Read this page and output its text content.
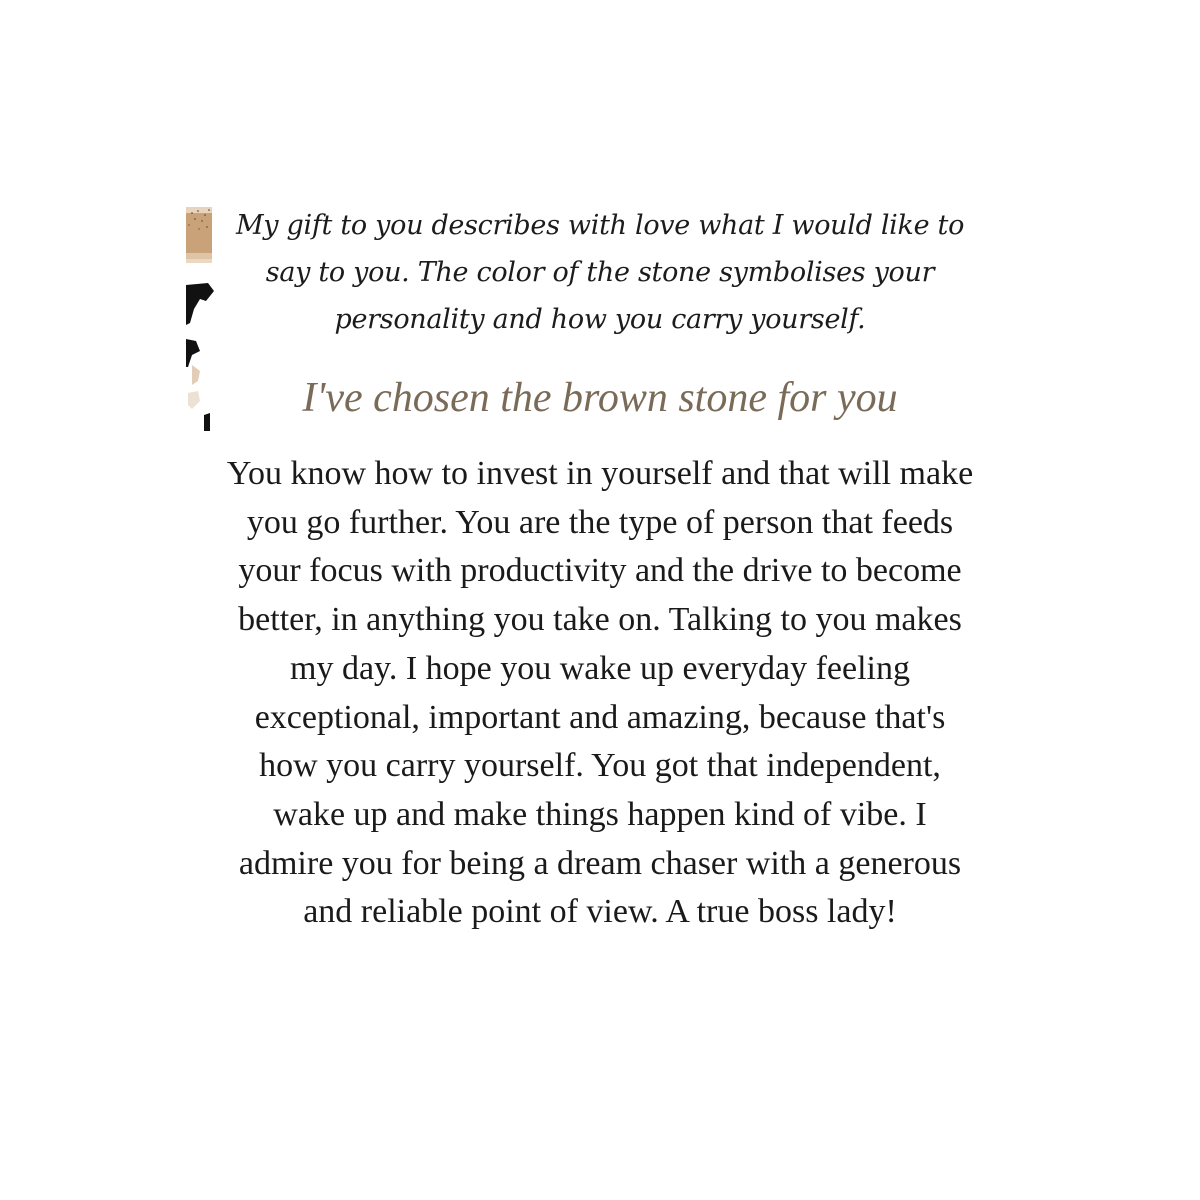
My gift to you describes with love what I would like to say to you. The color of the stone symbolises your personality and how you carry yourself.

I've chosen the brown stone for you

You know how to invest in yourself and that will make you go further. You are the type of person that feeds your focus with productivity and the drive to become better, in anything you take on. Talking to you makes my day. I hope you wake up everyday feeling exceptional, important and amazing, because that's how you carry yourself. You got that independent, wake up and make things happen kind of vibe. I admire you for being a dream chaser with a generous and reliable point of view. A true boss lady!
